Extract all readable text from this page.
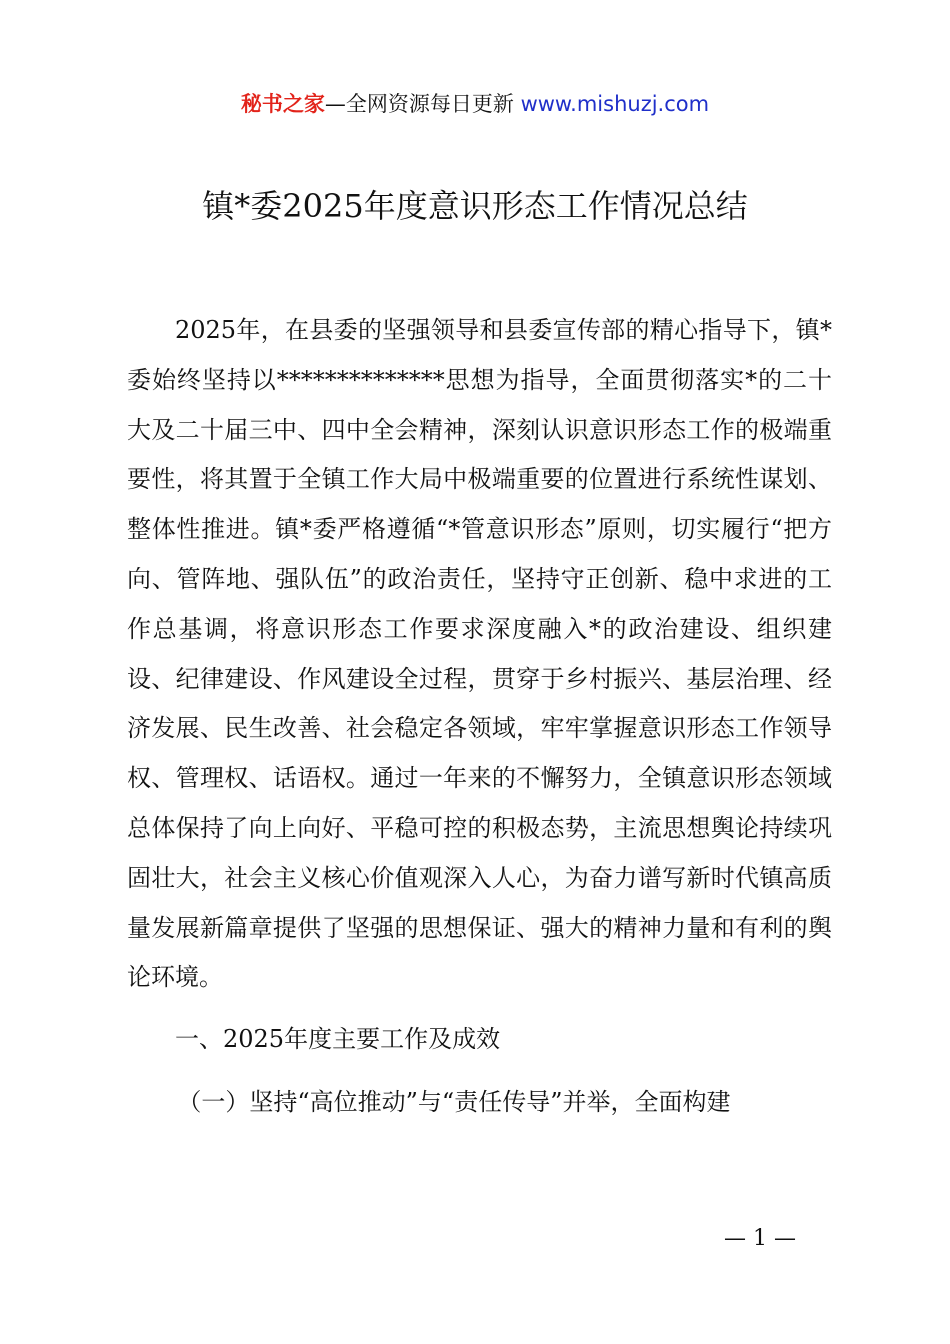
秘书之家—全网资源每日更新 www.mishuzj.com
镇*委2025年度意识形态工作情况总结

2025年，在县委的坚强领导和县委宣传部的精心指导下，镇*委始终坚持以**************思想为指导，全面贯彻落实*的二十大及二十届三中、四中全会精神，深刻认识意识形态工作的极端重要性，将其置于全镇工作大局中极端重要的位置进行系统性谋划、整体性推进。镇*委严格遵循“*管意识形态”原则，切实履行“把方向、管阵地、强队伍”的政治责任，坚持守正创新、稳中求进的工作总基调，将意识形态工作要求深度融入*的政治建设、组织建设、纪律建设、作风建设全过程，贯穿于乡村振兴、基层治理、经济发展、民生改善、社会稳定各领域，牢牢掌握意识形态工作领导权、管理权、话语权。通过一年来的不懈努力，全镇意识形态领域总体保持了向上向好、平稳可控的积极态势，主流思想舆论持续巩固壮大，社会主义核心价值观深入人心，为奋力谱写新时代镇高质量发展新篇章提供了坚强的思想保证、强大的精神力量和有利的舆论环境。

一、2025年度主要工作及成效

（一）坚持“高位推动”与“责任传导”并举，全面构建

— 1 —
